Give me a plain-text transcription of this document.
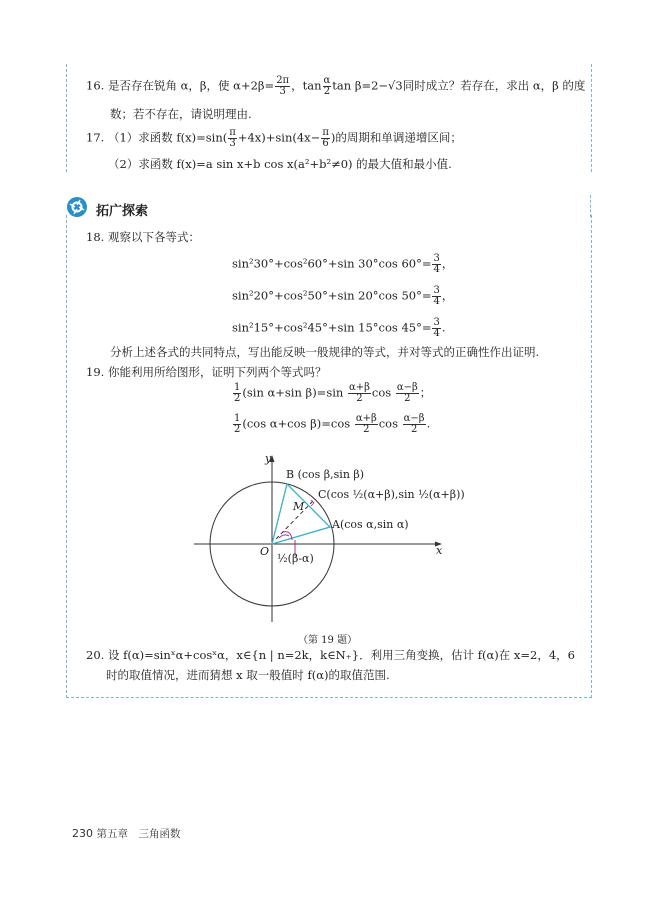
16. 是否存在锐角 α，β，使 $\alpha+2\beta= \frac{2\pi}{3}$ ，$\tan \frac{\alpha}{2}$ tan β=2−√3同时成立？若存在，求出 α，β 的度
数；若不存在，请说明理由.
17. （1）求函数 $f(x)=\sin( \frac{\pi}{3} +4x)+\sin(4x- \frac{\pi}{6}$ )的周期和单调递增区间；
（2）求函数 f(x)=a sin x+b cos x(a²+b²≠0) 的最大值和最小值.
拓广探索
18. 观察以下各等式：
sin²30°+cos²60°+sin 30°cos $60^\circ= \frac{3}{4}$ ，
sin²20°+cos²50°+sin 20°cos $50^\circ= \frac{3}{4}$ ，
sin²15°+cos²45°+sin 15°cos $45^\circ= \frac{3}{4}$ .
分析上述各式的共同特点，写出能反映一般规律的等式，并对等式的正确性作出证明.
19. 你能利用所给图形，证明下列两个等式吗？
$\frac{1}{2} (\sin$ α+sin $\beta)=\sin \frac{\alpha+\beta}{2}$ $\cos \frac{\alpha-\beta}{2}$ ；
$\frac{1}{2} (\cos$ α+cos $\beta)=\cos \frac{\alpha+\beta}{2}$ $\cos \frac{\alpha-\beta}{2}$ .
y
x
O
B (cos β,sin β)
C(cos ½(α+β),sin ½(α+β))
M
A(cos α,sin α)
½(β-α)
（第 19 题）
20. 设 f(α)=sinˣα+cosˣα，x∈{n | n=2k，k∈N₊}．利用三角变换，估计 f(α)在 x=2，4，6
时的取值情况，进而猜想 x 取一般值时 f(α)的取值范围.
230 第五章 三角函数
